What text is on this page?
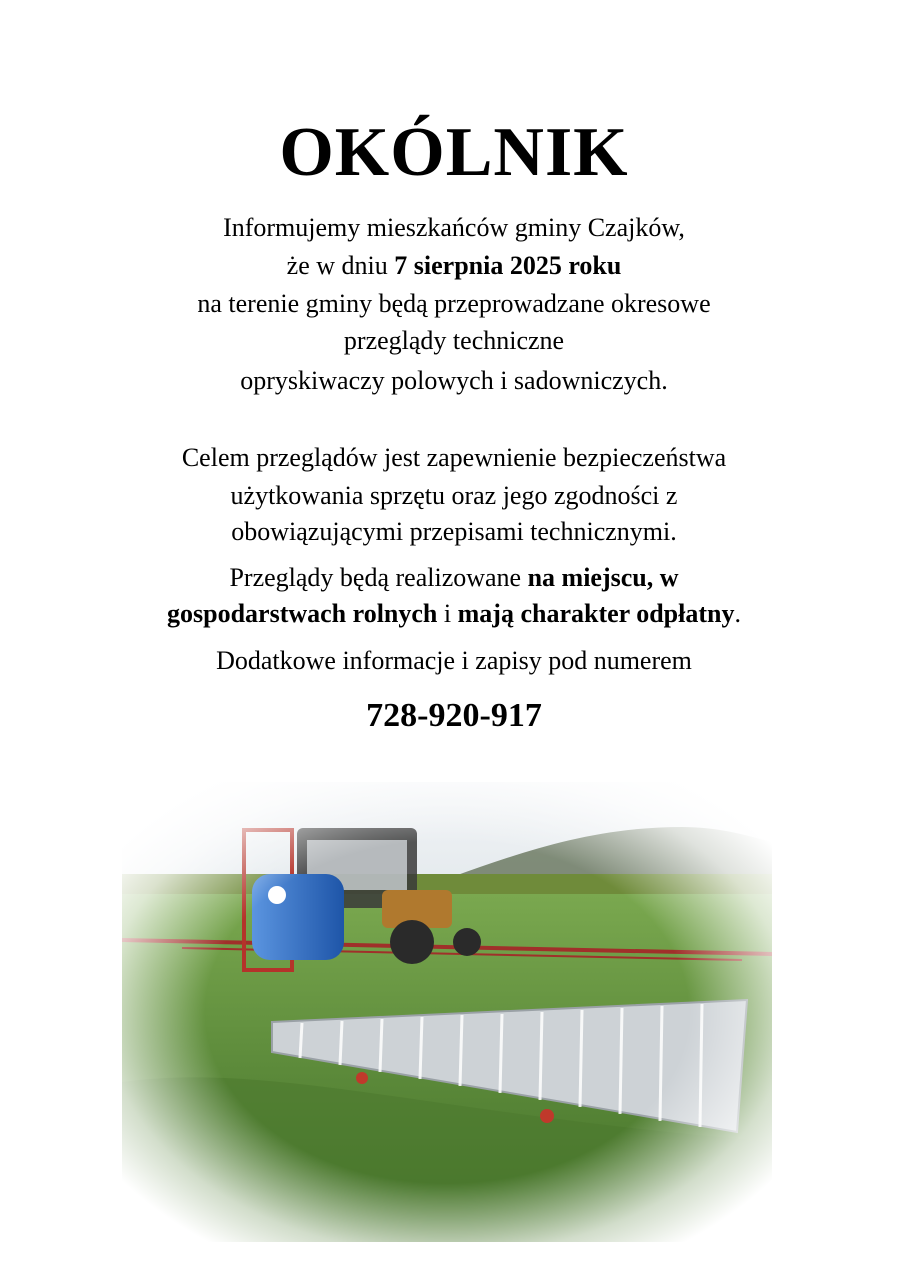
OKÓLNIK
Informujemy mieszkańców gminy Czajków,
że w dniu 7 sierpnia 2025 roku
na terenie gminy będą przeprowadzane okresowe
przeglądy techniczne
opryskiwaczy polowych i sadowniczych.
Celem przeglądów jest zapewnienie bezpieczeństwa
użytkowania sprzętu oraz jego zgodności z
obowiązującymi przepisami technicznymi.
Przeglądy będą realizowane na miejscu, w
gospodarstwach rolnych i mają charakter odpłatny.
Dodatkowe informacje i zapisy pod numerem
728-920-917
